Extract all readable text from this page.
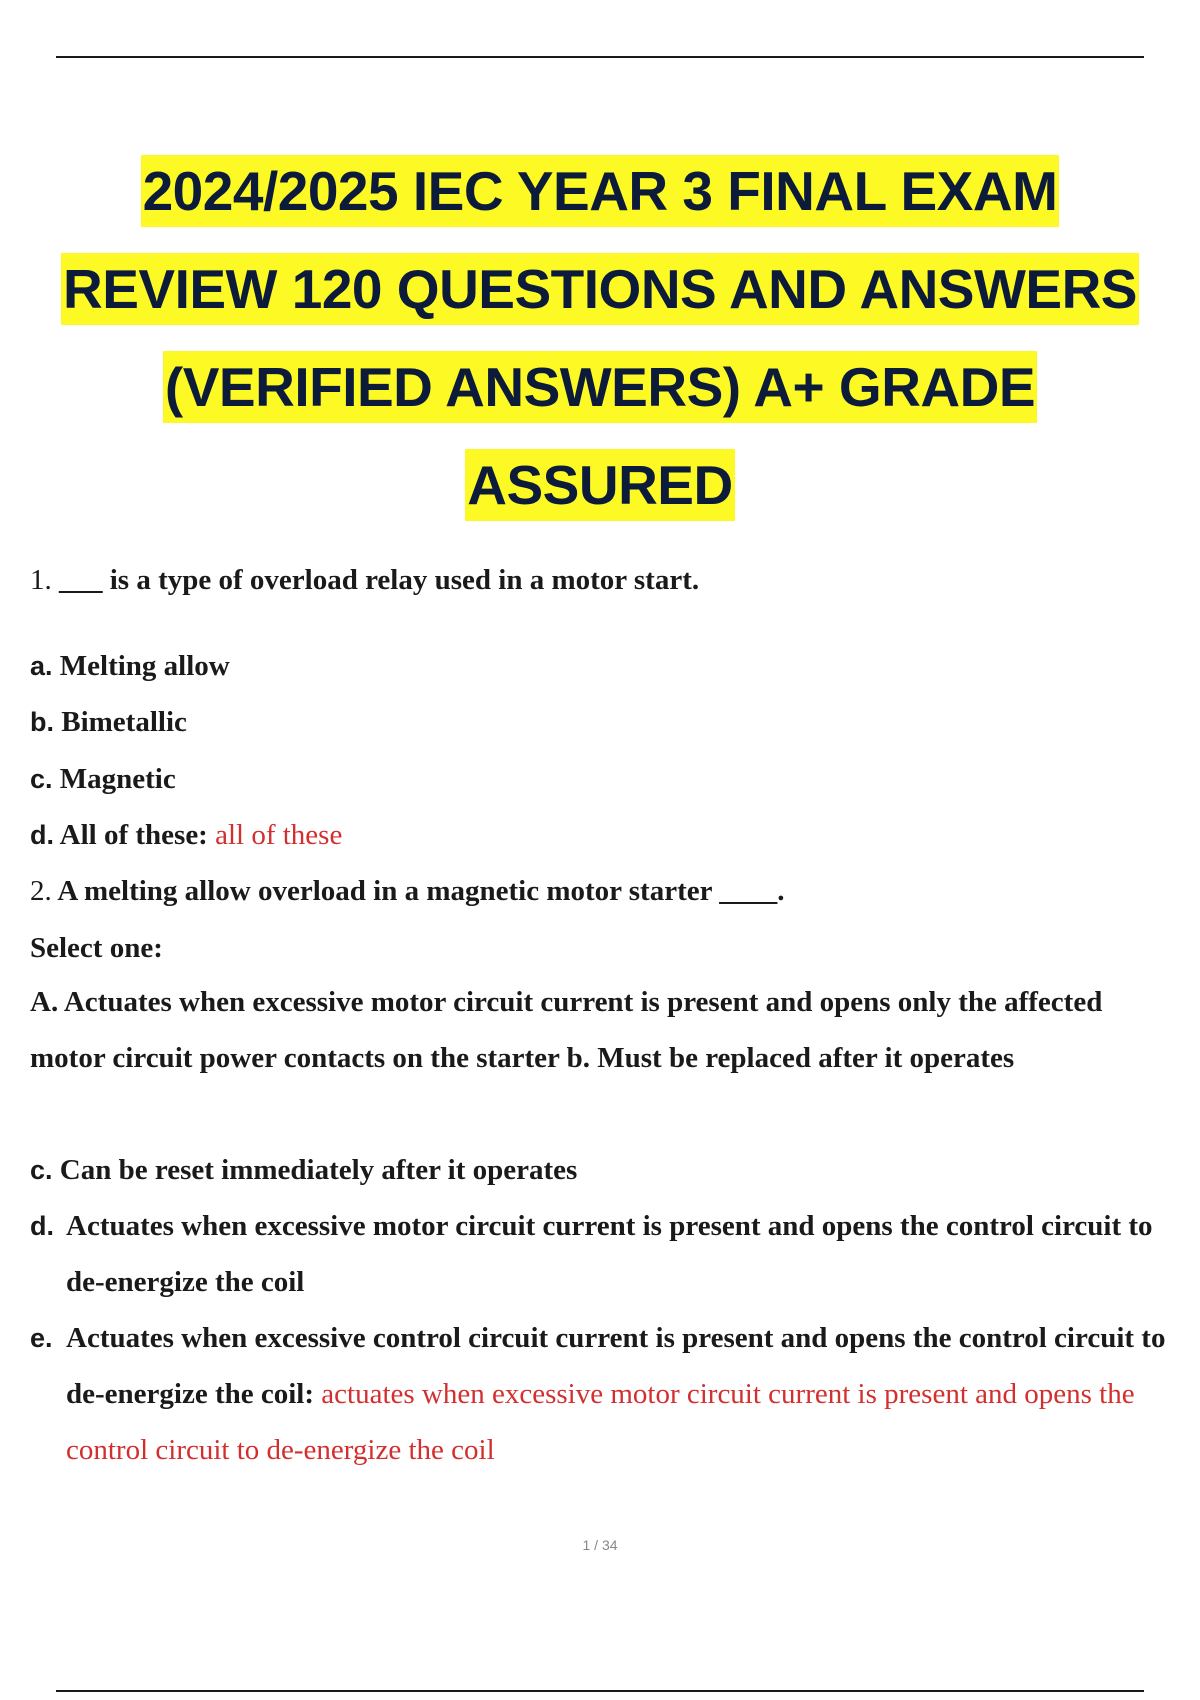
2024/2025 IEC YEAR 3 FINAL EXAM
REVIEW 120 QUESTIONS AND ANSWERS
(VERIFIED ANSWERS) A+ GRADE
ASSURED
1. ___ is a type of overload relay used in a motor start.
a. Melting allow
b. Bimetallic
c. Magnetic
d. All of these: all of these
2. A melting allow overload in a magnetic motor starter ____.
Select one:
A. Actuates when excessive motor circuit current is present and opens only the affected motor circuit power contacts on the starter b. Must be replaced after it operates
c. Can be reset immediately after it operates
d. Actuates when excessive motor circuit current is present and opens the control circuit to de-energize the coil
e. Actuates when excessive control circuit current is present and opens the control circuit to de-energize the coil: actuates when excessive motor circuit current is present and opens the control circuit to de-energize the coil
1 / 34
